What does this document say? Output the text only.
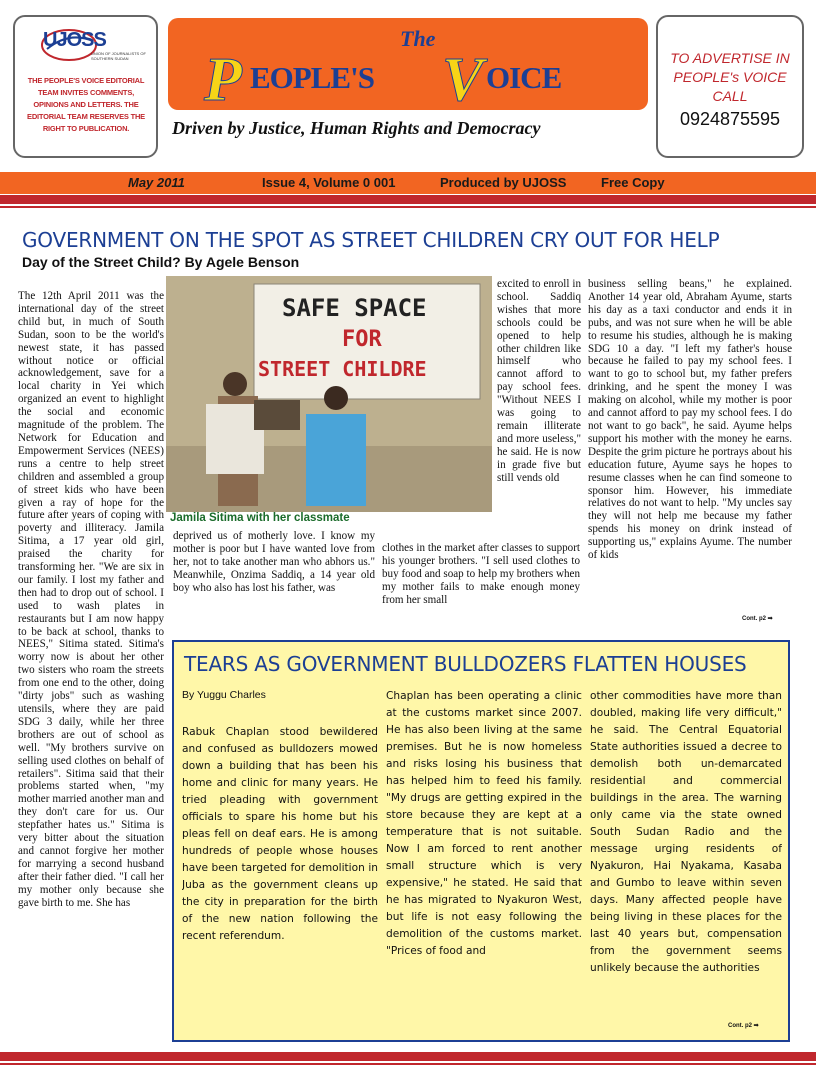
UJOSS
UNION OF JOURNALISTS OF SOUTHERN SUDAN
THE PEOPLE'S VOICE EDITORIAL TEAM INVITES COMMENTS, OPINIONS AND LETTERS. THE EDITORIAL TEAM RESERVES THE RIGHT TO PUBLICATION.
The
P EOPLE'S V OICE
PEOPLE'S VOICE
Driven by Justice, Human Rights and Democracy
TO ADVERTISE IN PEOPLE's VOICE CALL
0924875595
May 2011	Issue 4, Volume 0 001	Produced by UJOSS	Free Copy
GOVERNMENT ON THE SPOT AS STREET CHILDREN CRY OUT FOR HELP
Day of the Street Child? By Agele Benson
The 12th April 2011 was the international day of the street child but, in much of South Sudan, soon to be the world's newest state, it has passed without notice or official acknowledgement, save for a local charity in Yei which organized an event to highlight the social and economic magnitude of the problem. The Network for Education and Empowerment Services (NEES) runs a centre to help street children and assembled a group of street kids who have been given a ray of hope for the future after years of coping with poverty and illiteracy. Jamila Sitima, a 17 year old girl, praised the charity for transforming her. "We are six in our family. I lost my father and then had to drop out of school. I used to wash plates in restaurants but I am now happy to be back at school, thanks to NEES," Sitima stated. Sitima's worry now is about her other two sisters who roam the streets from one end to the other, doing "dirty jobs" such as washing utensils, where they are paid SDG 3 daily, while her three brothers are out of school as well. "My brothers survive on selling used clothes on behalf of retailers". Sitima said that their problems started when, "my mother married another man and they don't care for us. Our stepfather hates us." Sitima is very bitter about the situation and cannot forgive her mother for marrying a second husband after their father died. "I call her my mother only because she gave birth to me. She has
SAFE SPACE
FOR
STREET CHILDRE
Jamila Sitima with her classmate
deprived us of motherly love. I know my mother is poor but I have wanted love from her, not to take another man who abhors us." Meanwhile, Onzima Saddiq, a 14 year old boy who also has lost his father, was
excited to enroll in school. Saddiq wishes that more schools could be opened to help other children like himself who cannot afford to pay school fees. "Without NEES I was going to remain illiterate and more useless," he said. He is now in grade five but still vends old
clothes in the market after classes to support his younger brothers. "I sell used clothes to buy food and soap to help my brothers when my mother fails to make enough money from her small
business selling beans," he explained. Another 14 year old, Abraham Ayume, starts his day as a taxi conductor and ends it in pubs, and was not sure when he will be able to resume his studies, although he is making SDG 10 a day. "I left my father's house because he failed to pay my school fees. I want to go to school but, my father prefers drinking, and he spent the money I was making on alcohol, while my mother is poor and cannot afford to pay my school fees. I do not want to go back", he said. Ayume helps support his mother with the money he earns. Despite the grim picture he portrays about his education future, Ayume says he hopes to resume classes when he can find someone to sponsor him. However, his immediate relatives do not want to help. "My uncles say they will not help me because my father spends his money on drink instead of supporting us," explains Ayume. The number of kids
Cont. p2 ➡
TEARS AS GOVERNMENT BULLDOZERS FLATTEN HOUSES
By Yuggu Charles
Rabuk Chaplan stood bewildered and confused as bulldozers mowed down a building that has been his home and clinic for many years. He tried pleading with government officials to spare his home but his pleas fell on deaf ears. He is among hundreds of people whose houses have been targeted for demolition in Juba as the government cleans up the city in preparation for the birth of the new nation following the recent referendum.
Chaplan has been operating a clinic at the customs market since 2007. He has also been living at the same premises. But he is now homeless and risks losing his business that has helped him to feed his family. "My drugs are getting expired in the store because they are kept at a temperature that is not suitable. Now I am forced to rent another small structure which is very expensive," he stated. He said that he has migrated to Nyakuron West, but life is not easy following the demolition of the customs market. "Prices of food and
other commodities have more than doubled, making life very difficult," he said. The Central Equatorial State authorities issued a decree to demolish both un-demarcated residential and commercial buildings in the area. The warning only came via the state owned South Sudan Radio and the message urging residents of Nyakuron, Hai Nyakama, Kasaba and Gumbo to leave within seven days. Many affected people have being living in these places for the last 40 years but, compensation from the government seems unlikely because the authorities
Cont. p2 ➡
